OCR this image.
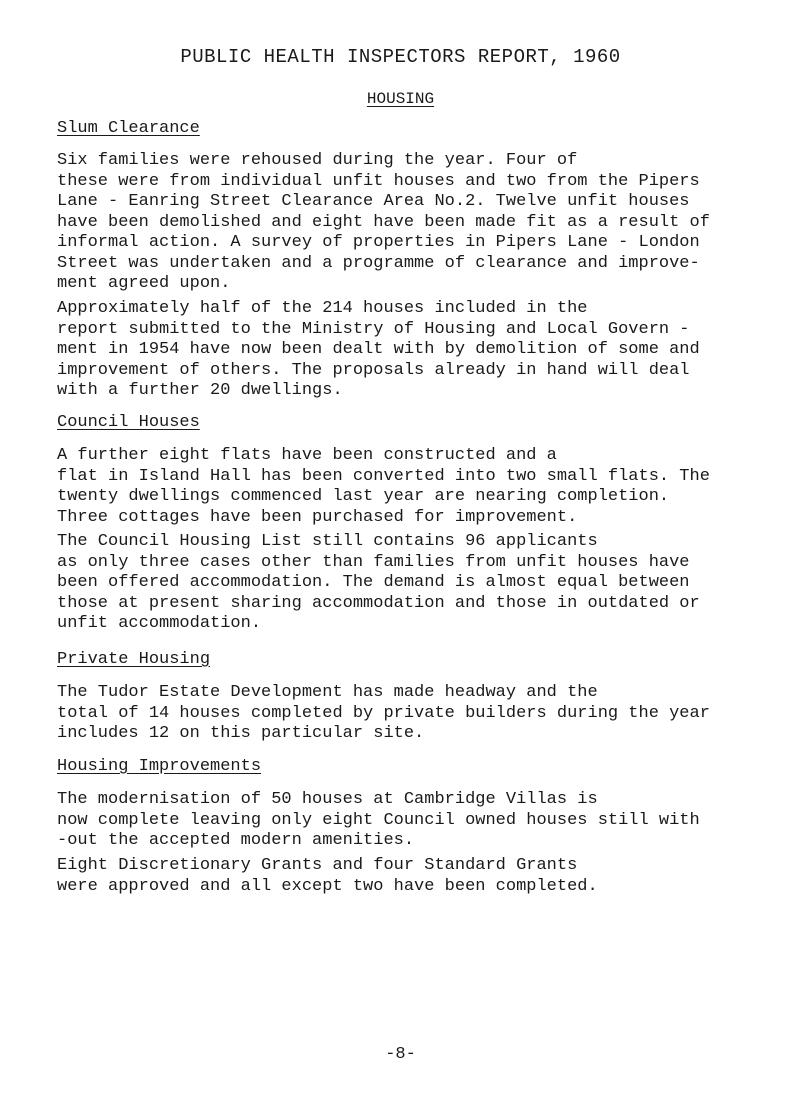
PUBLIC HEALTH INSPECTORS REPORT, 1960
HOUSING
Slum Clearance
Six families were rehoused during the year. Four of
these were from individual unfit houses and two from the Pipers
Lane - Eanring Street Clearance Area No.2. Twelve unfit houses
have been demolished and eight have been made fit as a result of
informal action. A survey of properties in Pipers Lane - London
Street was undertaken and a programme of clearance and improve-
ment agreed upon.
Approximately half of the 214 houses included in the
report submitted to the Ministry of Housing and Local Govern -
ment in 1954 have now been dealt with by demolition of some and
improvement of others. The proposals already in hand will deal
with a further 20 dwellings.
Council Houses
A further eight flats have been constructed and a
flat in Island Hall has been converted into two small flats. The
twenty dwellings commenced last year are nearing completion.
Three cottages have been purchased for improvement.
The Council Housing List still contains 96 applicants
as only three cases other than families from unfit houses have
been offered accommodation. The demand is almost equal between
those at present sharing accommodation and those in outdated or
unfit accommodation.
Private Housing
The Tudor Estate Development has made headway and the
total of 14 houses completed by private builders during the year
includes 12 on this particular site.
Housing Improvements
The modernisation of 50 houses at Cambridge Villas is
now complete leaving only eight Council owned houses still with
-out the accepted modern amenities.
Eight Discretionary Grants and four Standard Grants
were approved and all except two have been completed.
-8-
